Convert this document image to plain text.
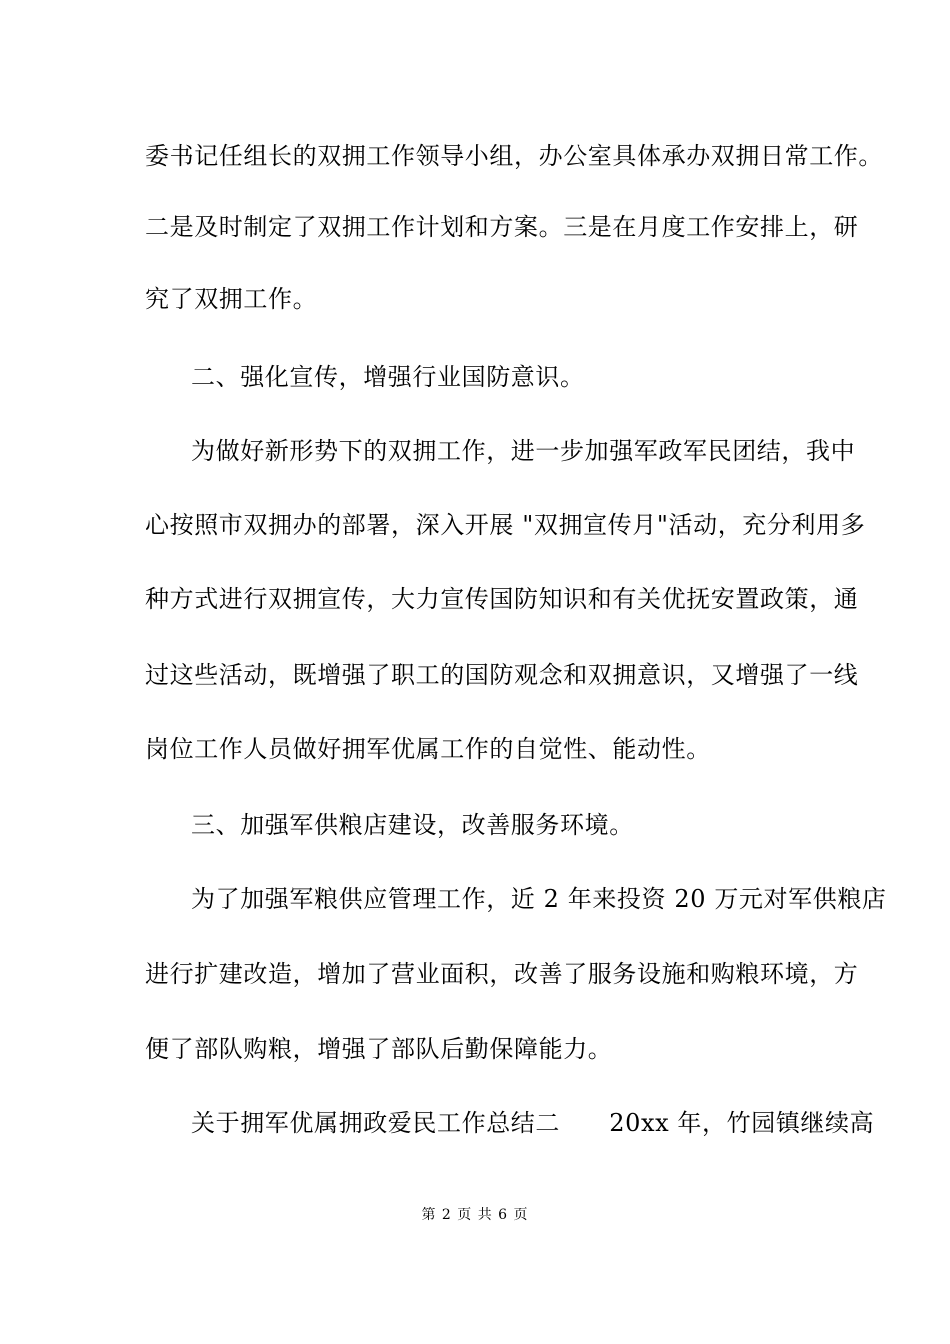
委书记任组长的双拥工作领导小组，办公室具体承办双拥日常工作。
二是及时制定了双拥工作计划和方案。三是在月度工作安排上，研
究了双拥工作。
二、强化宣传，增强行业国防意识。
为做好新形势下的双拥工作，进一步加强军政军民团结，我中
心按照市双拥办的部署，深入开展 "双拥宣传月"活动，充分利用多
种方式进行双拥宣传，大力宣传国防知识和有关优抚安置政策，通
过这些活动，既增强了职工的国防观念和双拥意识，又增强了一线
岗位工作人员做好拥军优属工作的自觉性、能动性。
三、加强军供粮店建设，改善服务环境。
为了加强军粮供应管理工作，近 2 年来投资 20 万元对军供粮店
进行扩建改造，增加了营业面积，改善了服务设施和购粮环境，方
便了部队购粮，增强了部队后勤保障能力。
关于拥军优属拥政爱民工作总结二　　20xx 年，竹园镇继续高
第 2 页 共 6 页
